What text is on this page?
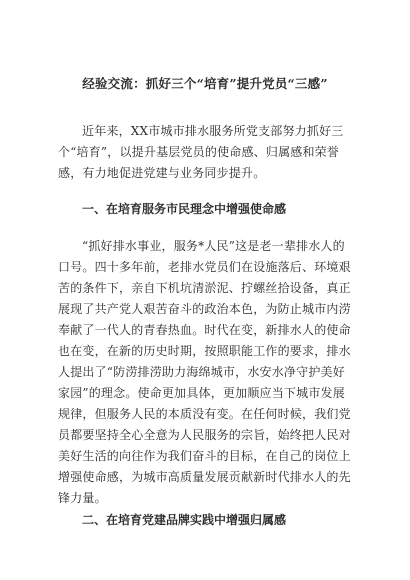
经验交流：抓好三个“培育”提升党员“三感”
近年来，XX市城市排水服务所党支部努力抓好三个“培育”，以提升基层党员的使命感、归属感和荣誉感，有力地促进党建与业务同步提升。
一、在培育服务市民理念中增强使命感
“抓好排水事业，服务*人民”这是老一辈排水人的口号。四十多年前，老排水党员们在设施落后、环境艰苦的条件下，亲自下机坑清淤泥、拧螺丝拾设备，真正展现了共产党人艰苦奋斗的政治本色，为防止城市内涝奉献了一代人的青春热血。时代在变，新排水人的使命也在变，在新的历史时期，按照职能工作的要求，排水人提出了“防涝排涝助力海绵城市，水安水净守护美好家园”的理念。使命更加具体，更加顺应当下城市发展规律，但服务人民的本质没有变。在任何时候，我们党员都要坚持全心全意为人民服务的宗旨，始终把人民对美好生活的向往作为我们奋斗的目标，在自己的岗位上增强使命感，为城市高质量发展贡献新时代排水人的先锋力量。
二、在培育党建品牌实践中增强归属感
